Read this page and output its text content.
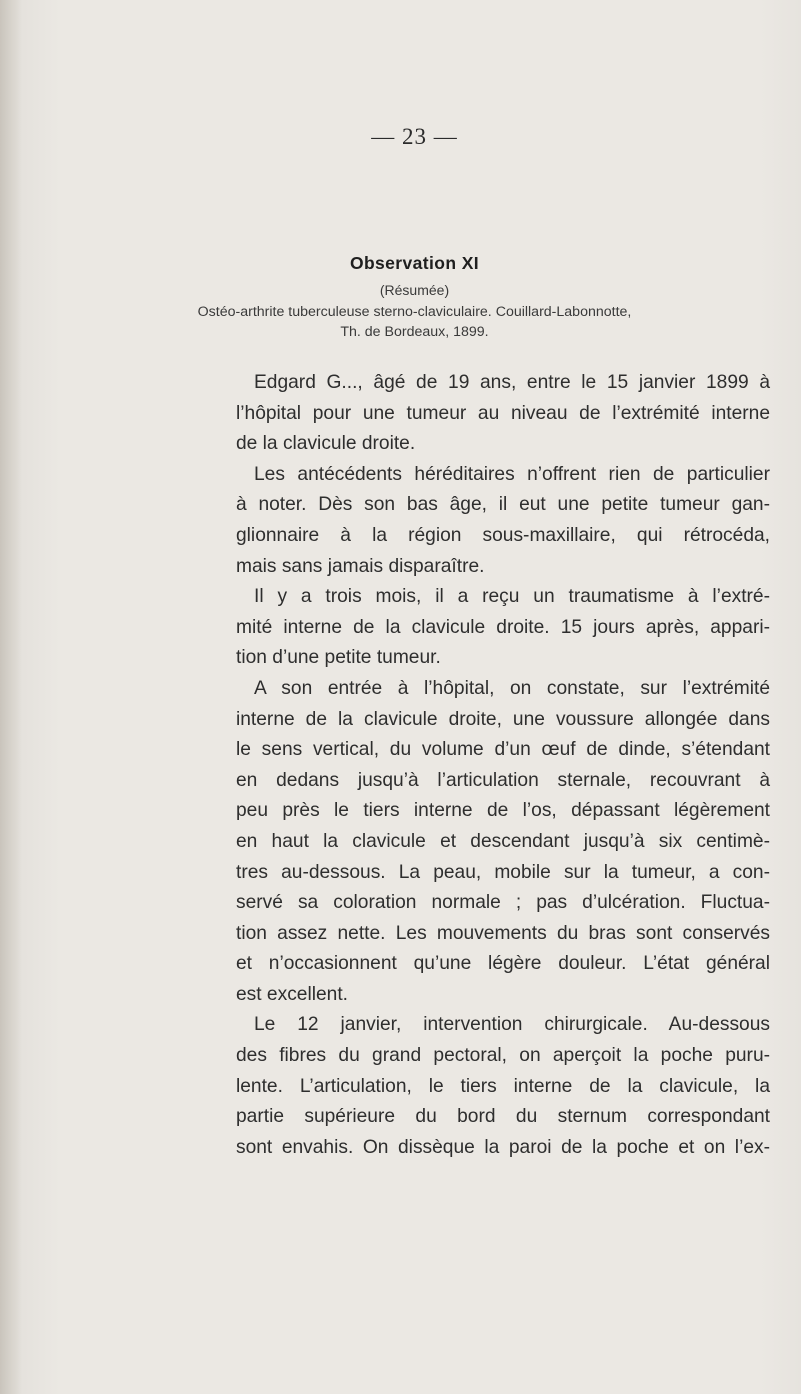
— 23 —
Observation XI
(Résumée)
Ostéo-arthrite tuberculeuse sterno-claviculaire. Couillard-Labonnotte,
Th. de Bordeaux, 1899.
Edgard G..., âgé de 19 ans, entre le 15 janvier 1899 à
l’hôpital pour une tumeur au niveau de l’extrémité interne
de la clavicule droite.
Les antécédents héréditaires n’offrent rien de particulier
à noter. Dès son bas âge, il eut une petite tumeur gan-
glionnaire à la région sous-maxillaire, qui rétrocéda,
mais sans jamais disparaître.
Il y a trois mois, il a reçu un traumatisme à l’extré-
mité interne de la clavicule droite. 15 jours après, appari-
tion d’une petite tumeur.
A son entrée à l’hôpital, on constate, sur l’extrémité
interne de la clavicule droite, une voussure allongée dans
le sens vertical, du volume d’un œuf de dinde, s’étendant
en dedans jusqu’à l’articulation sternale, recouvrant à
peu près le tiers interne de l’os, dépassant légèrement
en haut la clavicule et descendant jusqu’à six centimè-
tres au-dessous. La peau, mobile sur la tumeur, a con-
servé sa coloration normale ; pas d’ulcération. Fluctua-
tion assez nette. Les mouvements du bras sont conservés
et n’occasionnent qu’une légère douleur. L’état général
est excellent.
Le 12 janvier, intervention chirurgicale. Au-dessous
des fibres du grand pectoral, on aperçoit la poche puru-
lente. L’articulation, le tiers interne de la clavicule, la
partie supérieure du bord du sternum correspondant
sont envahis. On dissèque la paroi de la poche et on l’ex-
